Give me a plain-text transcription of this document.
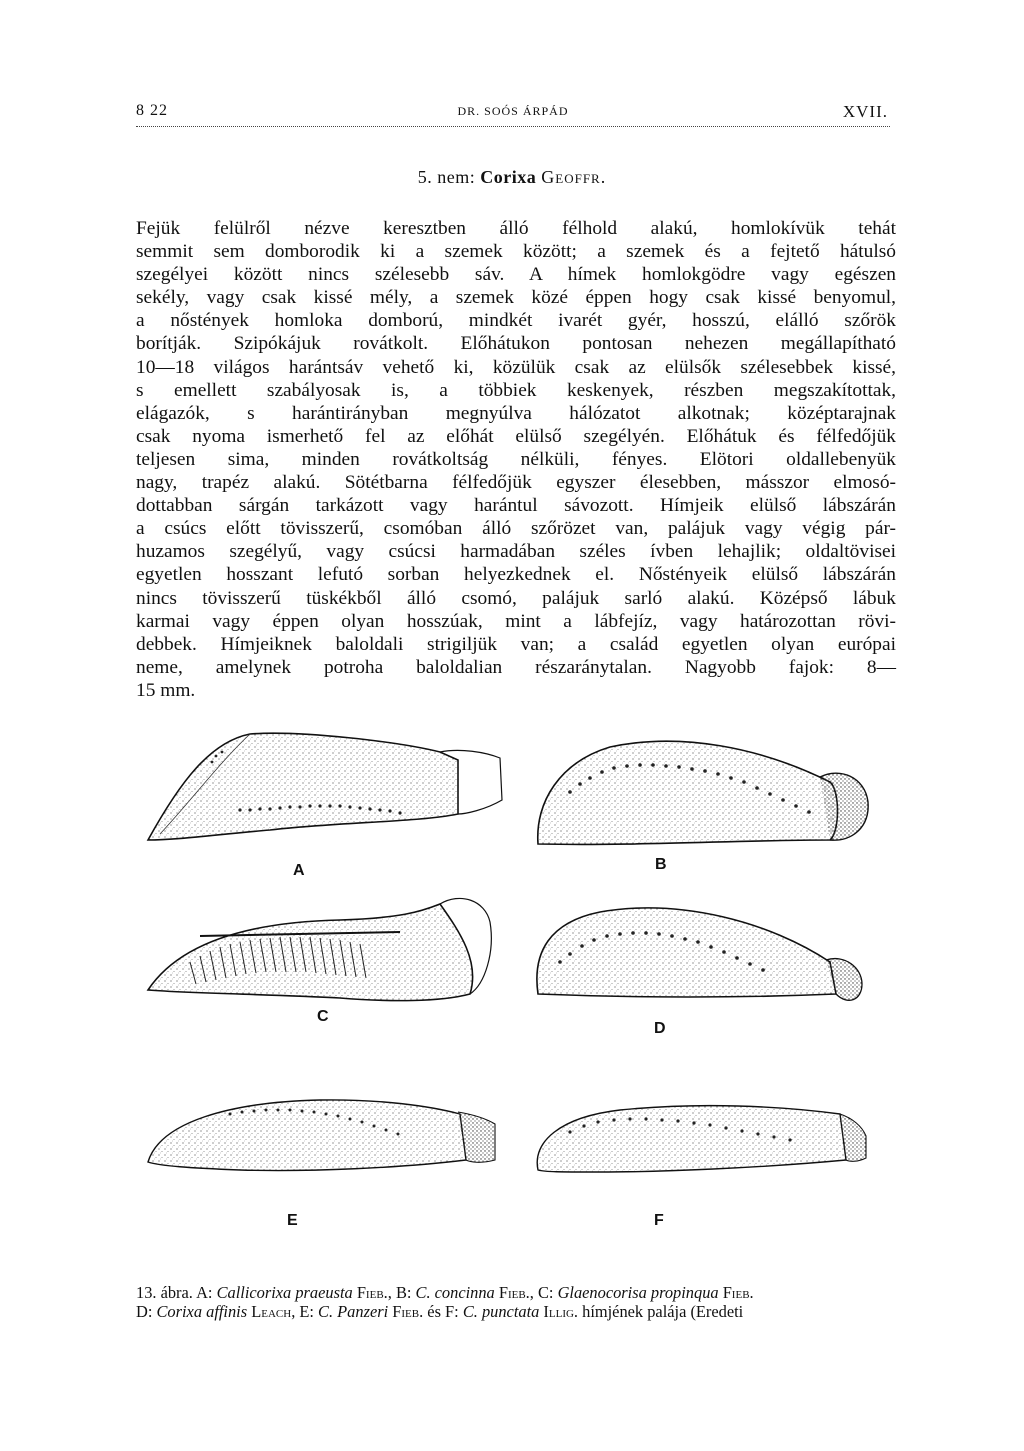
8 22	DR. SOÓS ÁRPÁD	XVII.
5. nem: Corixa Geoffr.
Fejük felülről nézve keresztben álló félhold alakú, homlokívük tehát
semmit sem domborodik ki a szemek között; a szemek és a fejtető hátulsó
szegélyei között nincs szélesebb sáv. A hímek homlokgödre vagy egészen
sekély, vagy csak kissé mély, a szemek közé éppen hogy csak kissé benyomul,
a nőstények homloka domború, mindkét ivarét gyér, hosszú, elálló szőrök
borítják. Szipókájuk rovátkolt. Előhátukon pontosan nehezen megállapítható
10—18 világos harántsáv vehető ki, közülük csak az elülsők szélesebbek kissé,
s emellett szabályosak is, a többiek keskenyek, részben megszakítottak,
elágazók, s harántirányban megnyúlva hálózatot alkotnak; középtarajnak
csak nyoma ismerhető fel az előhát elülső szegélyén. Előhátuk és félfedőjük
teljesen sima, minden rovátkoltság nélküli, fényes. Elötori oldallebenyük
nagy, trapéz alakú. Sötétbarna félfedőjük egyszer élesebben, másszor elmosó-
dottabban sárgán tarkázott vagy harántul sávozott. Hímjeik elülső lábszárán
a csúcs előtt tövisszerű, csomóban álló szőrözet van, palájuk vagy végig pár-
huzamos szegélyű, vagy csúcsi harmadában széles ívben lehajlik; oldaltövisei
egyetlen hosszant lefutó sorban helyezkednek el. Nőstényeik elülső lábszárán
nincs tövisszerű tüskékből álló csomó, palájuk sarló alakú. Középső lábuk
karmai vagy éppen olyan hosszúak, mint a lábfejíz, vagy határozottan rövi-
debbek. Hímjeiknek baloldali strigiljük van; a család egyetlen olyan európai
neme, amelynek potroha baloldalian részaránytalan. Nagyobb fajok: 8—
15 mm.
A	B
C
D
E	F
13. ábra. A: Callicorixa praeusta Fieb., B: C. concinna Fieb., C: Glaenocorisa propinqua Fieb.
D: Corixa affinis Leach, E: C. Panzeri Fieb. és F: C. punctata Illig. hímjének palája (Eredeti
